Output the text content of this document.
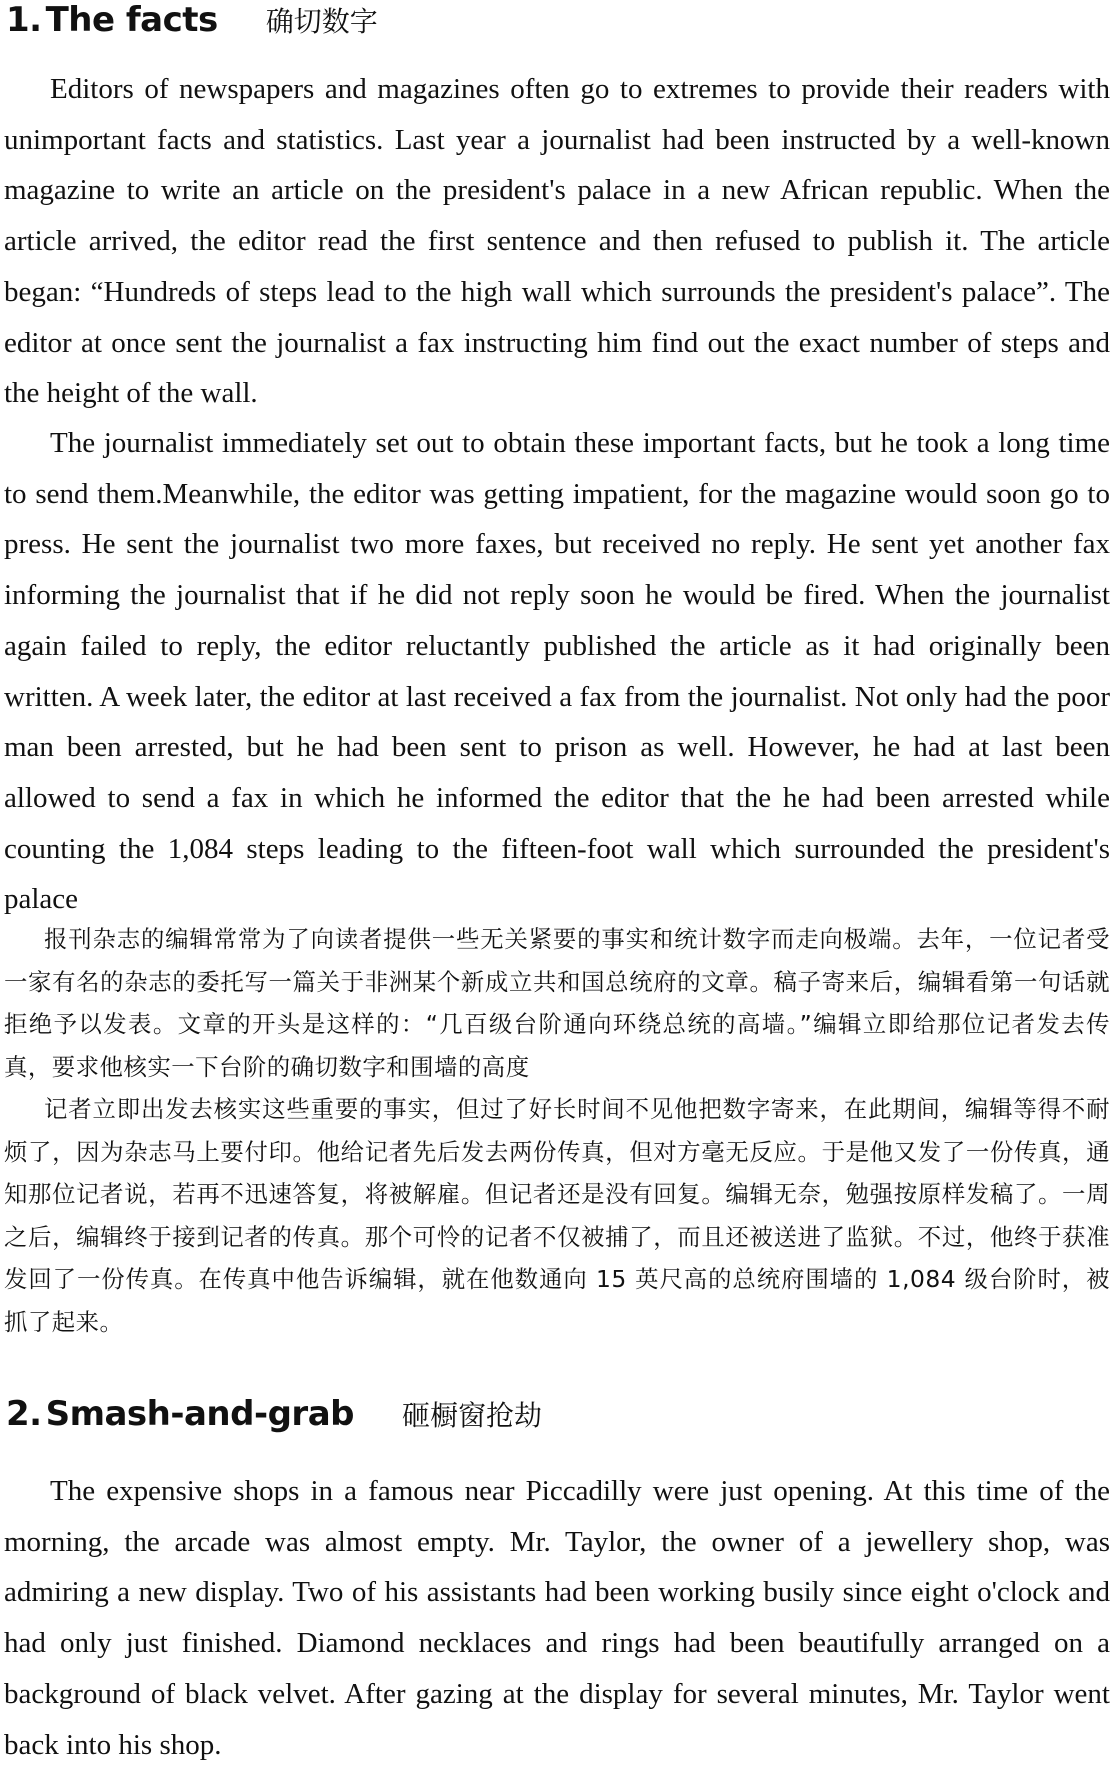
1. The facts 确切数字

Editors of newspapers and magazines often go to extremes to provide their readers with unimportant facts and statistics. Last year a journalist had been instructed by a well-known magazine to write an article on the president's palace in a new African republic. When the article arrived, the editor read the first sentence and then refused to publish it. The article began: “Hundreds of steps lead to the high wall which surrounds the president's palace”. The editor at once sent the journalist a fax instructing him find out the exact number of steps and the height of the wall.

The journalist immediately set out to obtain these important facts, but he took a long time to send them.Meanwhile, the editor was getting impatient, for the magazine would soon go to press. He sent the journalist two more faxes, but received no reply. He sent yet another fax informing the journalist that if he did not reply soon he would be fired. When the journalist again failed to reply, the editor reluctantly published the article as it had originally been written. A week later, the editor at last received a fax from the journalist. Not only had the poor man been arrested, but he had been sent to prison as well. However, he had at last been allowed to send a fax in which he informed the editor that the he had been arrested while counting the 1,084 steps leading to the fifteen-foot wall which surrounded the president's palace

报刊杂志的编辑常常为了向读者提供一些无关紧要的事实和统计数字而走向极端。去年，一位记者受一家有名的杂志的委托写一篇关于非洲某个新成立共和国总统府的文章。稿子寄来后，编辑看第一句话就拒绝予以发表。文章的开头是这样的：“几百级台阶通向环绕总统的高墙。”编辑立即给那位记者发去传真，要求他核实一下台阶的确切数字和围墙的高度

记者立即出发去核实这些重要的事实，但过了好长时间不见他把数字寄来，在此期间，编辑等得不耐烦了，因为杂志马上要付印。他给记者先后发去两份传真，但对方毫无反应。于是他又发了一份传真，通知那位记者说，若再不迅速答复，将被解雇。但记者还是没有回复。编辑无奈，勉强按原样发稿了。一周之后，编辑终于接到记者的传真。那个可怜的记者不仅被捕了，而且还被送进了监狱。不过，他终于获准发回了一份传真。在传真中他告诉编辑，就在他数通向 15 英尺高的总统府围墙的 1,084 级台阶时，被抓了起来。

2. Smash-and-grab 砸橱窗抢劫

The expensive shops in a famous near Piccadilly were just opening. At this time of the morning, the arcade was almost empty. Mr. Taylor, the owner of a jewellery shop, was admiring a new display. Two of his assistants had been working busily since eight o'clock and had only just finished. Diamond necklaces and rings had been beautifully arranged on a background of black velvet. After gazing at the display for several minutes, Mr. Taylor went back into his shop.
